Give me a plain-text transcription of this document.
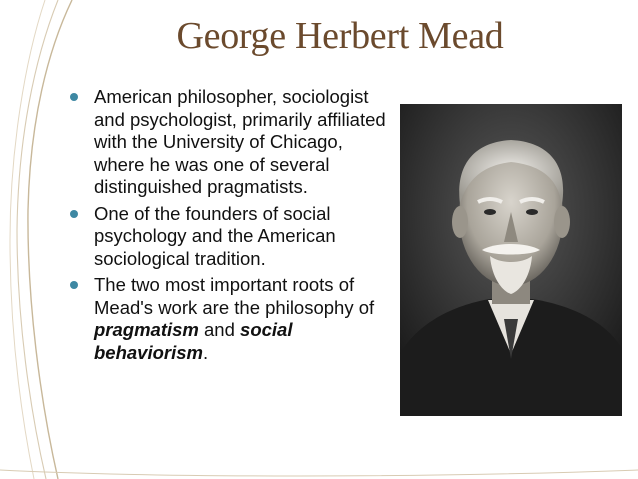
George Herbert Mead
American philosopher, sociologist and psychologist, primarily affiliated with the University of Chicago, where he was one of several distinguished pragmatists.
One of the founders of social psychology and the American sociological tradition.
The two most important roots of Mead's work are the philosophy of pragmatism and social behaviorism.
